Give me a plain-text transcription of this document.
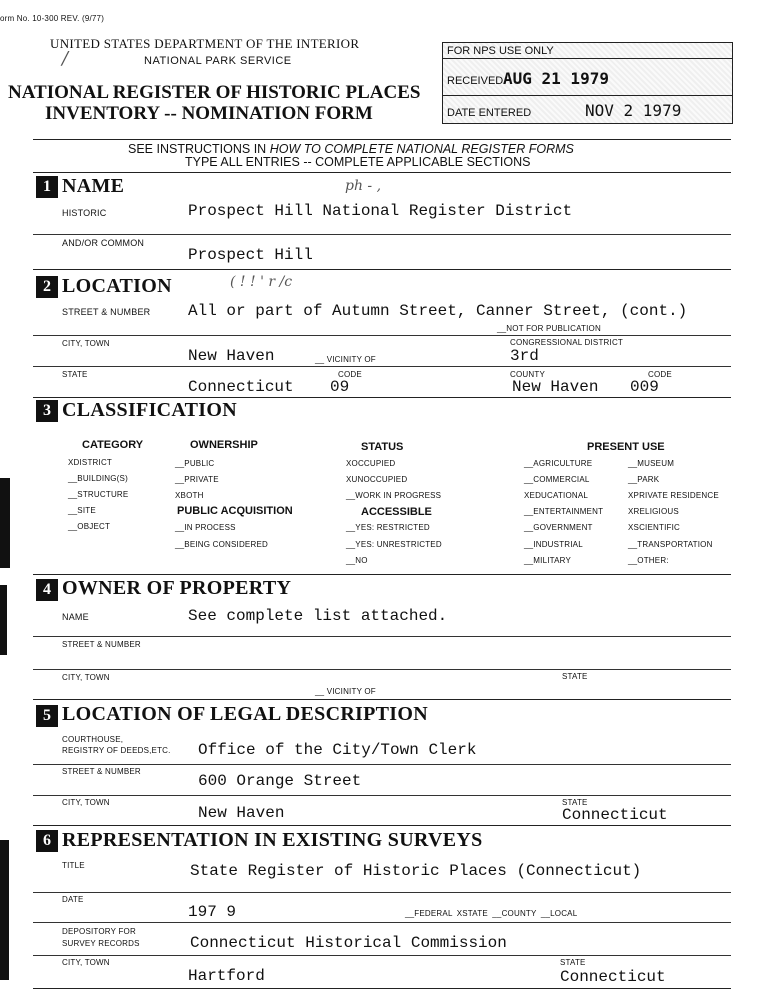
orm No. 10-300 REV. (9/77)
UNITED STATES DEPARTMENT OF THE INTERIOR
/	NATIONAL PARK SERVICE
NATIONAL REGISTER OF HISTORIC PLACES
INVENTORY -- NOMINATION FORM
FOR NPS USE ONLY
RECEIVED AUG 21 1979
DATE ENTERED	NOV 2 1979
SEE INSTRUCTIONS IN HOW TO COMPLETE NATIONAL REGISTER FORMS
TYPE ALL ENTRIES -- COMPLETE APPLICABLE SECTIONS
1 NAME	ph - ,
HISTORIC	Prospect Hill National Register District
AND/OR COMMON
Prospect Hill
2 LOCATION	( ! ! ' r /c
STREET & NUMBER All or part of Autumn Street, Canner Street, (cont.)
__NOT FOR PUBLICATION
CITY, TOWN	CONGRESSIONAL DISTRICT
New Haven	__ VICINITY OF	3rd
STATE	CODE	COUNTY	CODE
Connecticut 09	New Haven 009
3 CLASSIFICATION
CATEGORY
XDISTRICT
__BUILDING(S)
__STRUCTURE
__SITE
__OBJECT
OWNERSHIP
__PUBLIC
__PRIVATE
XBOTH
PUBLIC ACQUISITION
__IN PROCESS
__BEING CONSIDERED
STATUS
XOCCUPIED
XUNOCCUPIED
__WORK IN PROGRESS
ACCESSIBLE
__YES: RESTRICTED
__YES: UNRESTRICTED
__NO
PRESENT USE
__AGRICULTURE
__COMMERCIAL
XEDUCATIONAL
__ENTERTAINMENT
__GOVERNMENT
__INDUSTRIAL
__MILITARY
__MUSEUM
__PARK
XPRIVATE RESIDENCE
XRELIGIOUS
XSCIENTIFIC
__TRANSPORTATION
__OTHER:
4 OWNER OF PROPERTY
NAME	See complete list attached.
STREET & NUMBER
CITY, TOWN	STATE
__ VICINITY OF
5 LOCATION OF LEGAL DESCRIPTION
COURTHOUSE,
REGISTRY OF DEEDS,ETC. Office of the City/Town Clerk
STREET & NUMBER
600 Orange Street
CITY, TOWN	STATE
New Haven	Connecticut
6 REPRESENTATION IN EXISTING SURVEYS
TITLE	State Register of Historic Places (Connecticut)
DATE
197 9	__FEDERAL XSTATE __COUNTY __LOCAL
DEPOSITORY FOR
SURVEY RECORDS	Connecticut Historical Commission
CITY, TOWN	STATE
Hartford	Connecticut
